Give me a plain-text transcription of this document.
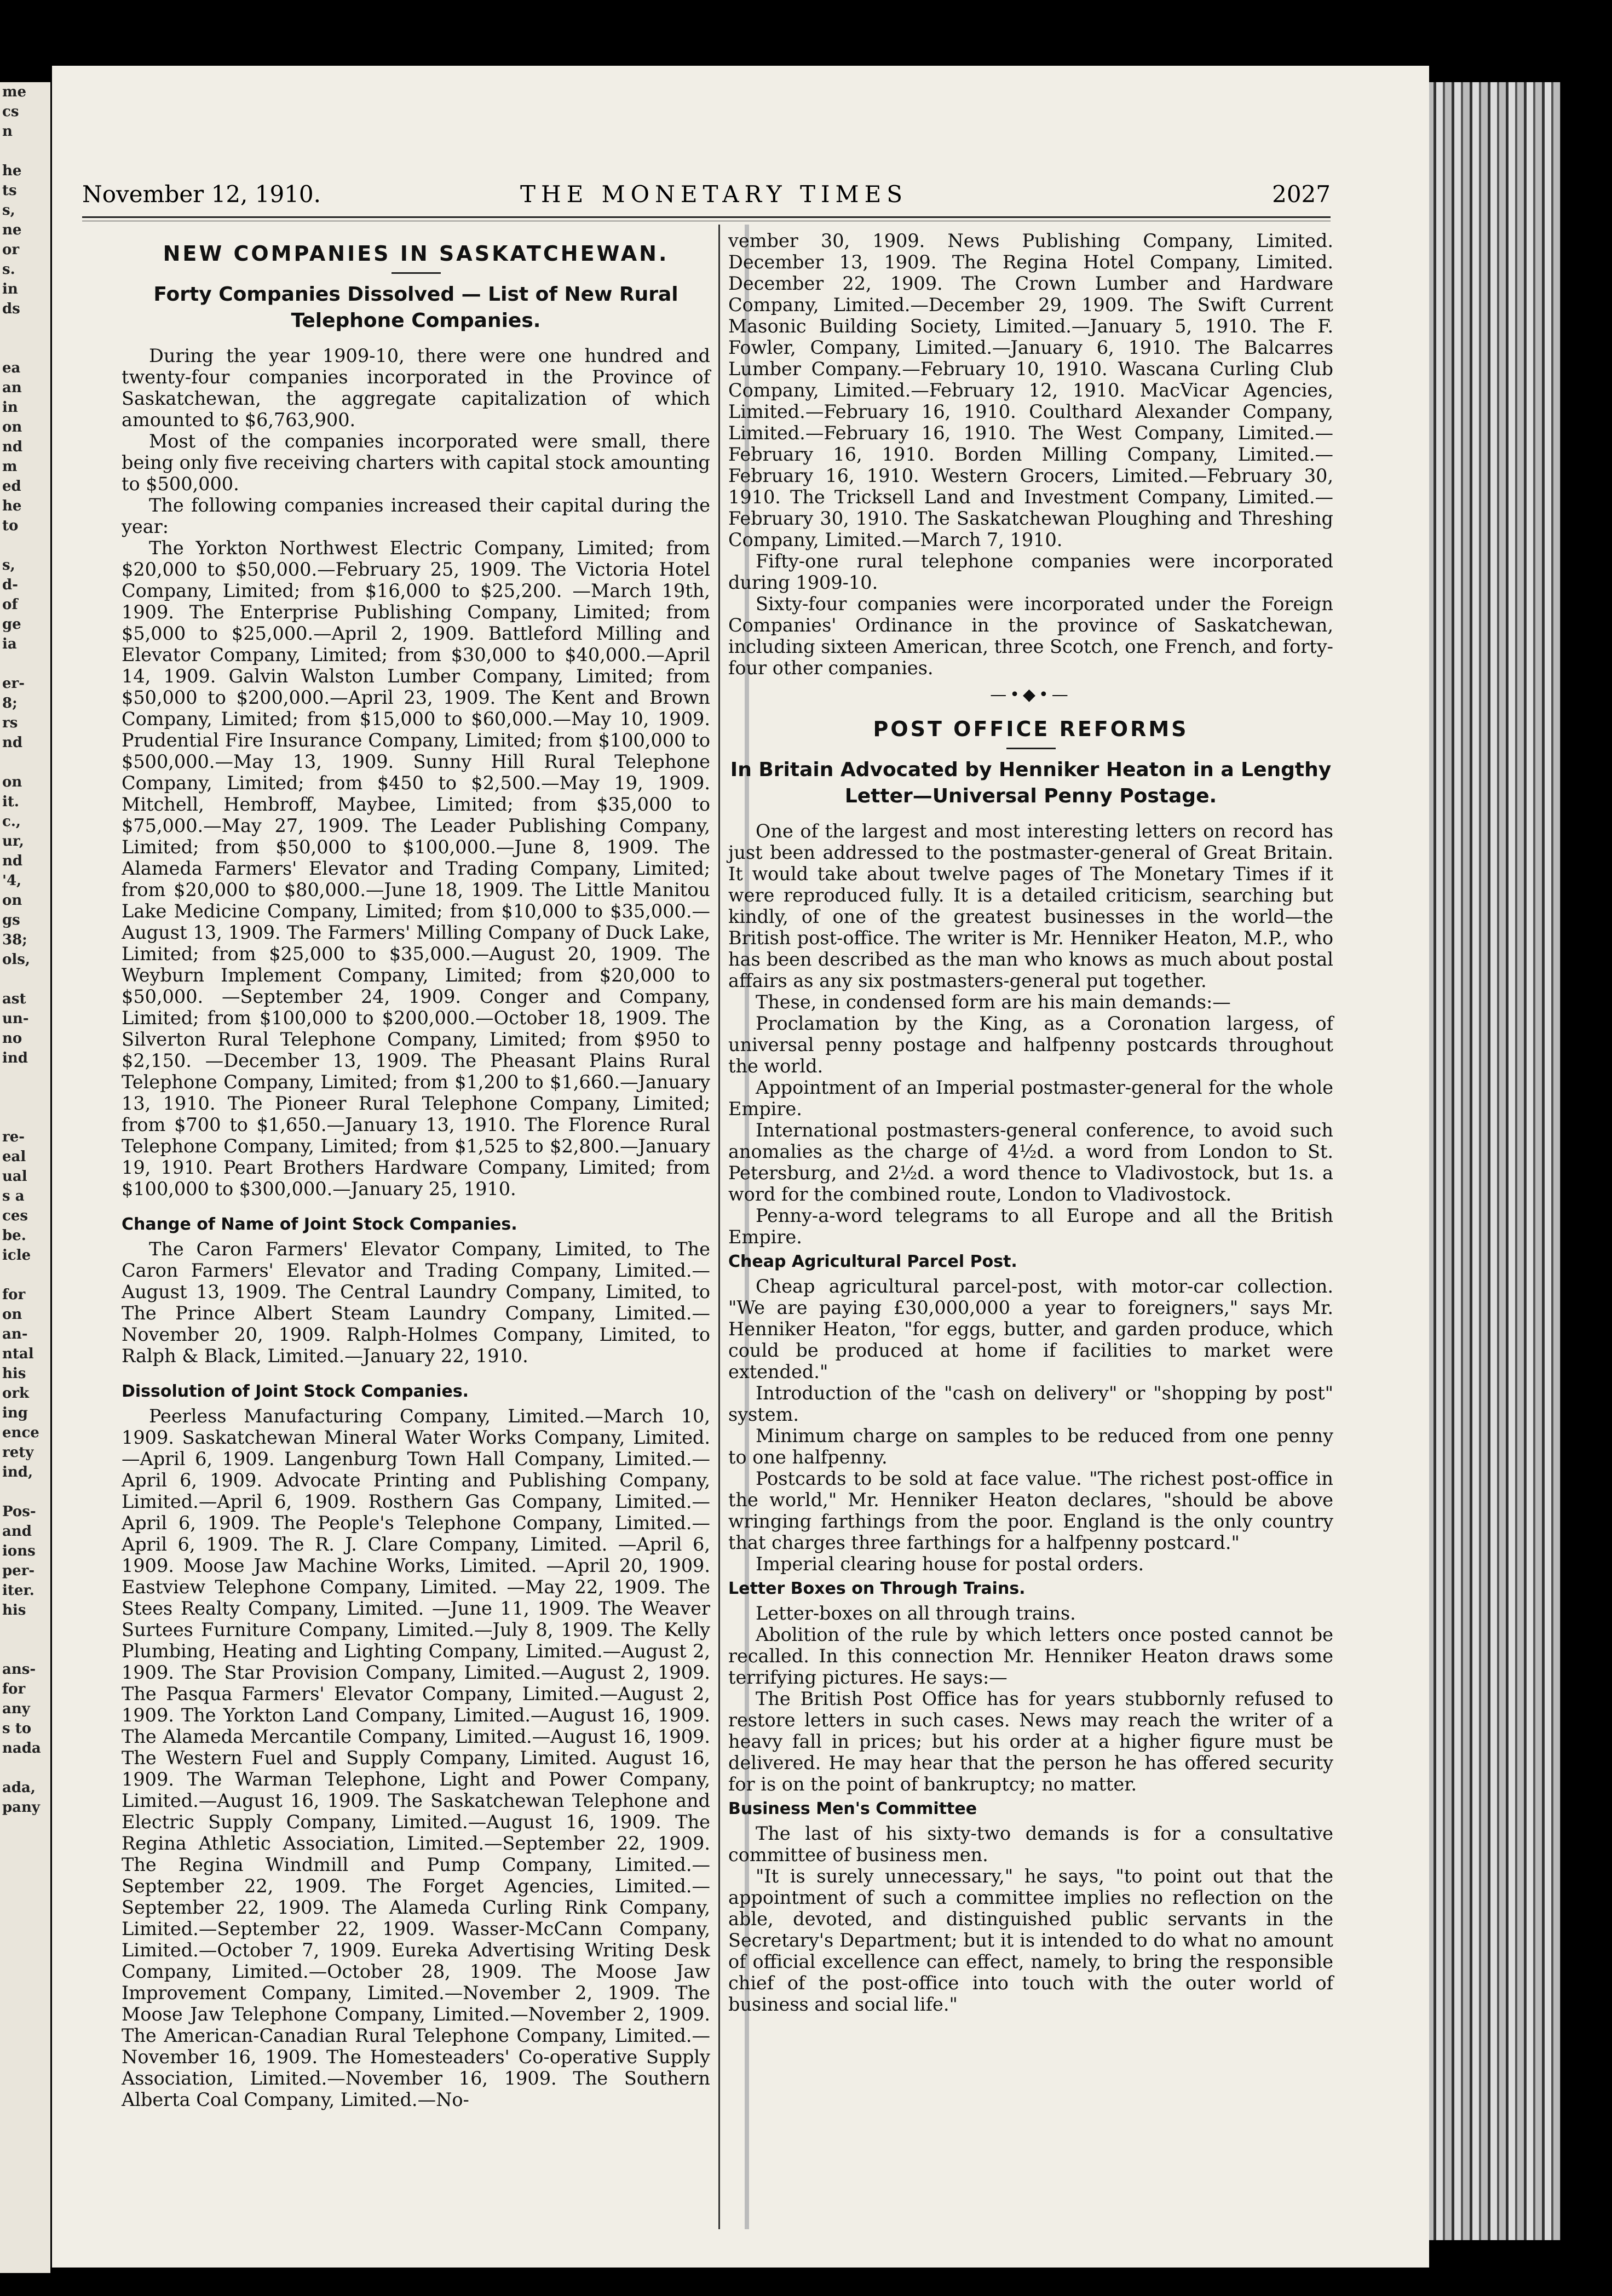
me
cs
n

he
ts
s,
ne
or
s.
in
ds

ea
an
in
on
nd
m
ed
he
to

s,
d-
of
ge
ia

er-
8;
rs
nd

on
it.
c.,
ur,
nd
'4,
on
gs
38;
ols,

ast
un-
no
ind

re-
eal
ual
s a
ces
be.
icle

for
on
an-
ntal
his
ork
ing
ence
rety
ind,

Pos-
and
ions
per-
iter.
his

ans-
for
any
s to
nada

ada,
pany
November 12, 1910.	THE MONETARY TIMES	2027
NEW COMPANIES IN SASKATCHEWAN.
Forty Companies Dissolved — List of New Rural Telephone Companies.

During the year 1909-10, there were one hundred and twenty-four companies incorporated in the Province of Saskatchewan, the aggregate capitalization of which amounted to $6,763,900.

Most of the companies incorporated were small, there being only five receiving charters with capital stock amounting to $500,000.

The following companies increased their capital during the year:

The Yorkton Northwest Electric Company, Limited; from $20,000 to $50,000.—February 25, 1909. The Victoria Hotel Company, Limited; from $16,000 to $25,200. —March 19th, 1909. The Enterprise Publishing Company, Limited; from $5,000 to $25,000.—April 2, 1909. Battleford Milling and Elevator Company, Limited; from $30,000 to $40,000.—April 14, 1909. Galvin Walston Lumber Company, Limited; from $50,000 to $200,000.—April 23, 1909. The Kent and Brown Company, Limited; from $15,000 to $60,000.—May 10, 1909. Prudential Fire Insurance Company, Limited; from $100,000 to $500,000.—May 13, 1909. Sunny Hill Rural Telephone Company, Limited; from $450 to $2,500.—May 19, 1909. Mitchell, Hembroff, Maybee, Limited; from $35,000 to $75,000.—May 27, 1909. The Leader Publishing Company, Limited; from $50,000 to $100,000.—June 8, 1909. The Alameda Farmers' Elevator and Trading Company, Limited; from $20,000 to $80,000.—June 18, 1909. The Little Manitou Lake Medicine Company, Limited; from $10,000 to $35,000.—August 13, 1909. The Farmers' Milling Company of Duck Lake, Limited; from $25,000 to $35,000.—August 20, 1909. The Weyburn Implement Company, Limited; from $20,000 to $50,000. —September 24, 1909. Conger and Company, Limited; from $100,000 to $200,000.—October 18, 1909. The Silverton Rural Telephone Company, Limited; from $950 to $2,150. —December 13, 1909. The Pheasant Plains Rural Telephone Company, Limited; from $1,200 to $1,660.—January 13, 1910. The Pioneer Rural Telephone Company, Limited; from $700 to $1,650.—January 13, 1910. The Florence Rural Telephone Company, Limited; from $1,525 to $2,800.—January 19, 1910. Peart Brothers Hardware Company, Limited; from $100,000 to $300,000.—January 25, 1910.

Change of Name of Joint Stock Companies.

The Caron Farmers' Elevator Company, Limited, to The Caron Farmers' Elevator and Trading Company, Limited.—August 13, 1909. The Central Laundry Company, Limited, to The Prince Albert Steam Laundry Company, Limited.—November 20, 1909. Ralph-Holmes Company, Limited, to Ralph & Black, Limited.—January 22, 1910.

Dissolution of Joint Stock Companies.

Peerless Manufacturing Company, Limited.—March 10, 1909. Saskatchewan Mineral Water Works Company, Limited.—April 6, 1909. Langenburg Town Hall Company, Limited.—April 6, 1909. Advocate Printing and Publishing Company, Limited.—April 6, 1909. Rosthern Gas Company, Limited.—April 6, 1909. The People's Telephone Company, Limited.—April 6, 1909. The R. J. Clare Company, Limited. —April 6, 1909. Moose Jaw Machine Works, Limited. —April 20, 1909. Eastview Telephone Company, Limited. —May 22, 1909. The Stees Realty Company, Limited. —June 11, 1909. The Weaver Surtees Furniture Company, Limited.—July 8, 1909. The Kelly Plumbing, Heating and Lighting Company, Limited.—August 2, 1909. The Star Provision Company, Limited.—August 2, 1909. The Pasqua Farmers' Elevator Company, Limited.—August 2, 1909. The Yorkton Land Company, Limited.—August 16, 1909. The Alameda Mercantile Company, Limited.—August 16, 1909. The Western Fuel and Supply Company, Limited. August 16, 1909. The Warman Telephone, Light and Power Company, Limited.—August 16, 1909. The Saskatchewan Telephone and Electric Supply Company, Limited.—August 16, 1909. The Regina Athletic Association, Limited.—September 22, 1909. The Regina Windmill and Pump Company, Limited.—September 22, 1909. The Forget Agencies, Limited.—September 22, 1909. The Alameda Curling Rink Company, Limited.—September 22, 1909. Wasser-McCann Company, Limited.—October 7, 1909. Eureka Advertising Writing Desk Company, Limited.—October 28, 1909. The Moose Jaw Improvement Company, Limited.—November 2, 1909. The Moose Jaw Telephone Company, Limited.—November 2, 1909. The American-Canadian Rural Telephone Company, Limited.—November 16, 1909. The Homesteaders' Co-operative Supply Association, Limited.—November 16, 1909. The Southern Alberta Coal Company, Limited.—No-

vember 30, 1909. News Publishing Company, Limited. December 13, 1909. The Regina Hotel Company, Limited. December 22, 1909. The Crown Lumber and Hardware Company, Limited.—December 29, 1909. The Swift Current Masonic Building Society, Limited.—January 5, 1910. The F. Fowler, Company, Limited.—January 6, 1910. The Balcarres Lumber Company.—February 10, 1910. Wascana Curling Club Company, Limited.—February 12, 1910. MacVicar Agencies, Limited.—February 16, 1910. Coulthard Alexander Company, Limited.—February 16, 1910. The West Company, Limited.—February 16, 1910. Borden Milling Company, Limited.—February 16, 1910. Western Grocers, Limited.—February 30, 1910. The Tricksell Land and Investment Company, Limited.—February 30, 1910. The Saskatchewan Ploughing and Threshing Company, Limited.—March 7, 1910.

Fifty-one rural telephone companies were incorporated during 1909-10.

Sixty-four companies were incorporated under the Foreign Companies' Ordinance in the province of Saskatchewan, including sixteen American, three Scotch, one French, and forty-four other companies.

—•◆•—
POST OFFICE REFORMS
In Britain Advocated by Henniker Heaton in a Lengthy Letter—Universal Penny Postage.

One of the largest and most interesting letters on record has just been addressed to the postmaster-general of Great Britain. It would take about twelve pages of The Monetary Times if it were reproduced fully. It is a detailed criticism, searching but kindly, of one of the greatest businesses in the world—the British post-office. The writer is Mr. Henniker Heaton, M.P., who has been described as the man who knows as much about postal affairs as any six postmasters-general put together.

These, in condensed form are his main demands:—

Proclamation by the King, as a Coronation largess, of universal penny postage and halfpenny postcards throughout the world.

Appointment of an Imperial postmaster-general for the whole Empire.

International postmasters-general conference, to avoid such anomalies as the charge of 4½d. a word from London to St. Petersburg, and 2½d. a word thence to Vladivostock, but 1s. a word for the combined route, London to Vladivostock.

Penny-a-word telegrams to all Europe and all the British Empire.

Cheap Agricultural Parcel Post.

Cheap agricultural parcel-post, with motor-car collection. "We are paying £30,000,000 a year to foreigners," says Mr. Henniker Heaton, "for eggs, butter, and garden produce, which could be produced at home if facilities to market were extended."

Introduction of the "cash on delivery" or "shopping by post" system.

Minimum charge on samples to be reduced from one penny to one halfpenny.

Postcards to be sold at face value. "The richest post-office in the world," Mr. Henniker Heaton declares, "should be above wringing farthings from the poor. England is the only country that charges three farthings for a halfpenny postcard."

Imperial clearing house for postal orders.

Letter Boxes on Through Trains.

Letter-boxes on all through trains.

Abolition of the rule by which letters once posted cannot be recalled. In this connection Mr. Henniker Heaton draws some terrifying pictures. He says:—

The British Post Office has for years stubbornly refused to restore letters in such cases. News may reach the writer of a heavy fall in prices; but his order at a higher figure must be delivered. He may hear that the person he has offered security for is on the point of bankruptcy; no matter.

Business Men's Committee

The last of his sixty-two demands is for a consultative committee of business men.

"It is surely unnecessary," he says, "to point out that the appointment of such a committee implies no reflection on the able, devoted, and distinguished public servants in the Secretary's Department; but it is intended to do what no amount of official excellence can effect, namely, to bring the responsible chief of the post-office into touch with the outer world of business and social life."
